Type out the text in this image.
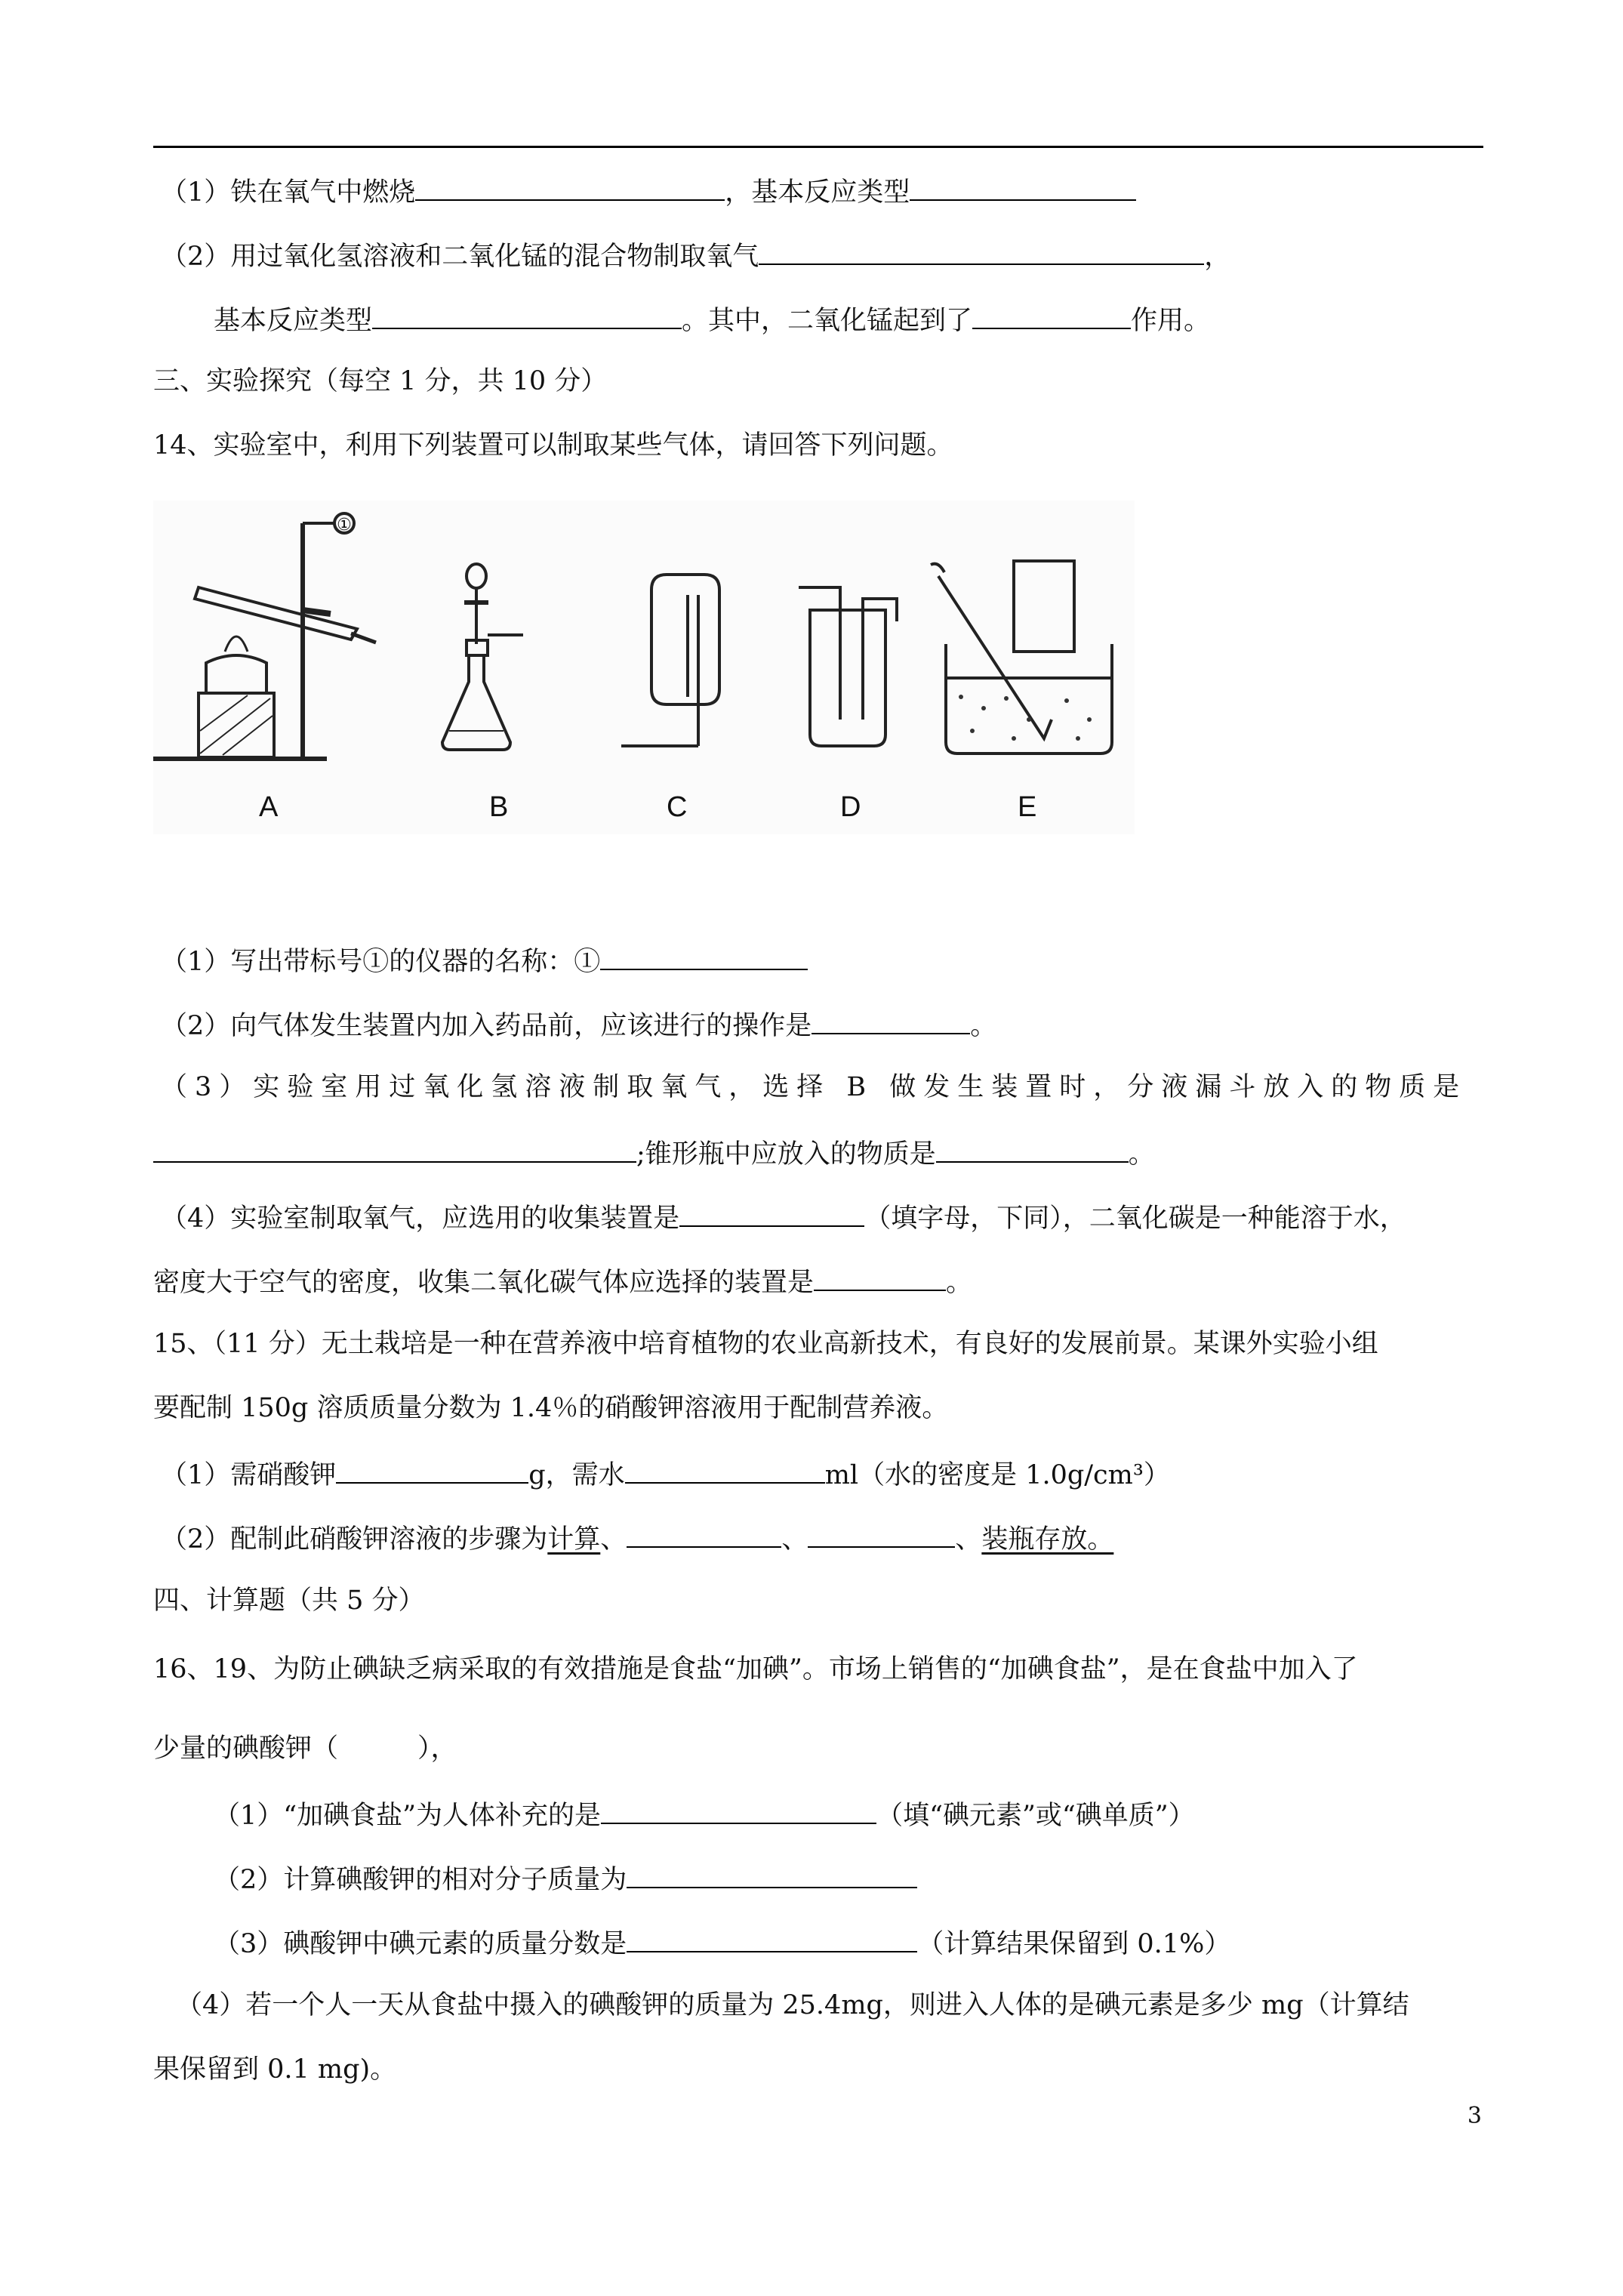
（1）铁在氧气中燃烧	，基本反应类型
（2）用过氧化氢溶液和二氧化锰的混合物制取氧气	，
基本反应类型	。其中，二氧化锰起到了	作用。
三、实验探究（每空 1 分，共 10 分）
14、实验室中，利用下列装置可以制取某些气体，请回答下列问题。
①
A	B	C	D	E
（1）写出带标号①的仪器的名称：①
（2）向气体发生装置内加入药品前，应该进行的操作是	。
（3）实验室用过氧化氢溶液制取氧气，选择 B 做发生装置时，分液漏斗放入的物质是
;锥形瓶中应放入的物质是	。
（4）实验室制取氧气，应选用的收集装置是	（填字母，下同），二氧化碳是一种能溶于水，
密度大于空气的密度，收集二氧化碳气体应选择的装置是	。
15、（11 分）无土栽培是一种在营养液中培育植物的农业高新技术，有良好的发展前景。某课外实验小组
要配制 150g 溶质质量分数为 1.4％的硝酸钾溶液用于配制营养液。
（1）需硝酸钾	g，需水	ml（水的密度是 1.0g/cm³）
（2）配制此硝酸钾溶液的步骤为计算、	、	、装瓶存放。
四、计算题（共 5 分）
16、19、为防止碘缺乏病采取的有效措施是食盐“加碘”。市场上销售的“加碘食盐”，是在食盐中加入了
少量的碘酸钾（　　　），
（1）“加碘食盐”为人体补充的是	（填“碘元素”或“碘单质”）
（2）计算碘酸钾的相对分子质量为
（3）碘酸钾中碘元素的质量分数是	（计算结果保留到 0.1%）
（4）若一个人一天从食盐中摄入的碘酸钾的质量为 25.4mg，则进入人体的是碘元素是多少 mg（计算结
果保留到 0.1 mg)。
3
